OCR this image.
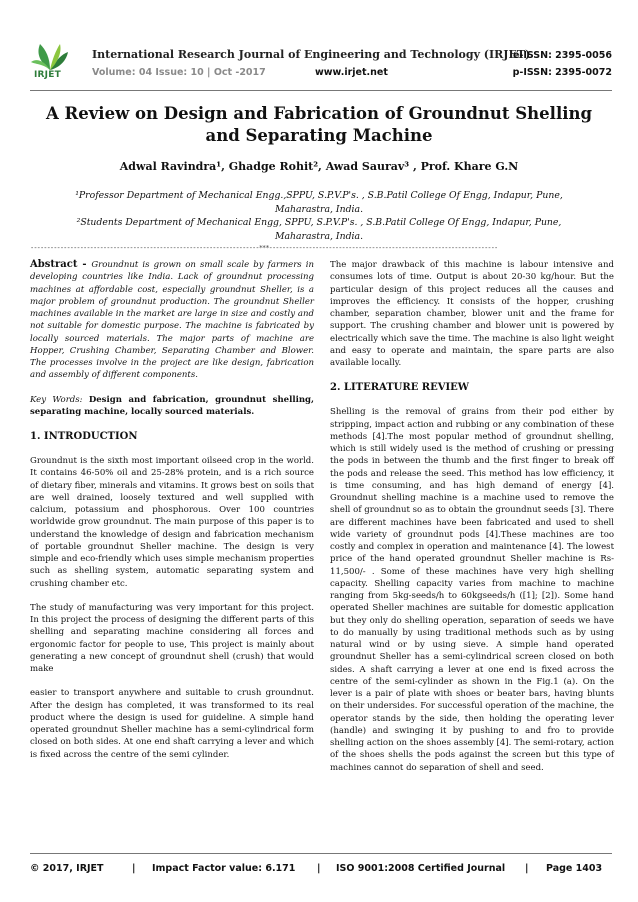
IRJET
International Research Journal of Engineering and Technology (IRJET)
e-ISSN: 2395-0056
Volume: 04 Issue: 10 | Oct -2017	www.irjet.net	p-ISSN: 2395-0072
A Review on Design and Fabrication of Groundnut Shelling and Separating Machine
Adwal Ravindra¹, Ghadge Rohit², Awad Saurav³ , Prof. Khare G.N
¹Professor Department of Mechanical Engg.,SPPU, S.P.V.P's. , S.B.Patil College Of Engg, Indapur, Pune, Maharastra, India.
²Students Department of Mechanical Engg, SPPU, S.P.V.P's. , S.B.Patil College Of Engg, Indapur, Pune, Maharastra, India.
---------------------------------------------------------------------***---------------------------------------------------------------------

Abstract - Groundnut is grown on small scale by farmers in developing countries like India. Lack of groundnut processing machines at affordable cost, especially groundnut Sheller, is a major problem of groundnut production. The groundnut Sheller machines available in the market are large in size and costly and not suitable for domestic purpose. The machine is fabricated by locally sourced materials. The major parts of machine are Hopper, Crushing Chamber, Separating Chamber and Blower. The processes involve in the project are like design, fabrication and assembly of different components.

Key Words: Design and fabrication, groundnut shelling, separating machine, locally sourced materials.

1. INTRODUCTION

Groundnut is the sixth most important oilseed crop in the world. It contains 46-50% oil and 25-28% protein, and is a rich source of dietary fiber, minerals and vitamins. It grows best on soils that are well drained, loosely textured and well supplied with calcium, potassium and phosphorous. Over 100 countries worldwide grow groundnut. The main purpose of this paper is to understand the knowledge of design and fabrication mechanism of portable groundnut Sheller machine. The design is very simple and eco-friendly which uses simple mechanism properties such as shelling system, automatic separating system and crushing chamber etc.

The study of manufacturing was very important for this project. In this project the process of designing the different parts of this shelling and separating machine considering all forces and ergonomic factor for people to use, This project is mainly about generating a new concept of groundnut shell (crush) that would make

easier to transport anywhere and suitable to crush groundnut. After the design has completed, it was transformed to its real product where the design is used for guideline. A simple hand operated groundnut Sheller machine has a semi-cylindrical form closed on both sides. At one end shaft carrying a lever and which is fixed across the centre of the semi cylinder.

The major drawback of this machine is labour intensive and consumes lots of time. Output is about 20-30 kg/hour. But the particular design of this project reduces all the causes and improves the efficiency. It consists of the hopper, crushing chamber, separation chamber, blower unit and the frame for support. The crushing chamber and blower unit is powered by electrically which save the time. The machine is also light weight and easy to operate and maintain, the spare parts are also available locally.

2. LITERATURE REVIEW

Shelling is the removal of grains from their pod either by stripping, impact action and rubbing or any combination of these methods [4].The most popular method of groundnut shelling, which is still widely used is the method of crushing or pressing the pods in between the thumb and the first finger to break off the pods and release the seed. This method has low efficiency, it is time consuming, and has high demand of energy [4]. Groundnut shelling machine is a machine used to remove the shell of groundnut so as to obtain the groundnut seeds [3]. There are different machines have been fabricated and used to shell wide variety of groundnut pods [4].These machines are too costly and complex in operation and maintenance [4]. The lowest price of the hand operated groundnut Sheller machine is Rs-11,500/- . Some of these machines have very high shelling capacity. Shelling capacity varies from machine to machine ranging from 5kg-seeds/h to 60kgseeds/h ([1]; [2]). Some hand operated Sheller machines are suitable for domestic application but they only do shelling operation, separation of seeds we have to do manually by using traditional methods such as by using natural wind or by using sieve. A simple hand operated groundnut Sheller has a semi-cylindrical screen closed on both sides. A shaft carrying a lever at one end is fixed across the centre of the semi-cylinder as shown in the Fig.1 (a). On the lever is a pair of plate with shoes or beater bars, having blunts on their undersides. For successful operation of the machine, the operator stands by the side, then holding the operating lever (handle) and swinging it by pushing to and fro to provide shelling action on the shoes assembly [4]. The semi-rotary, action of the shoes shells the pods against the screen but this type of machines cannot do separation of shell and seed.

© 2017, IRJET	| Impact Factor value: 6.171 | ISO 9001:2008 Certified Journal | Page 1403
